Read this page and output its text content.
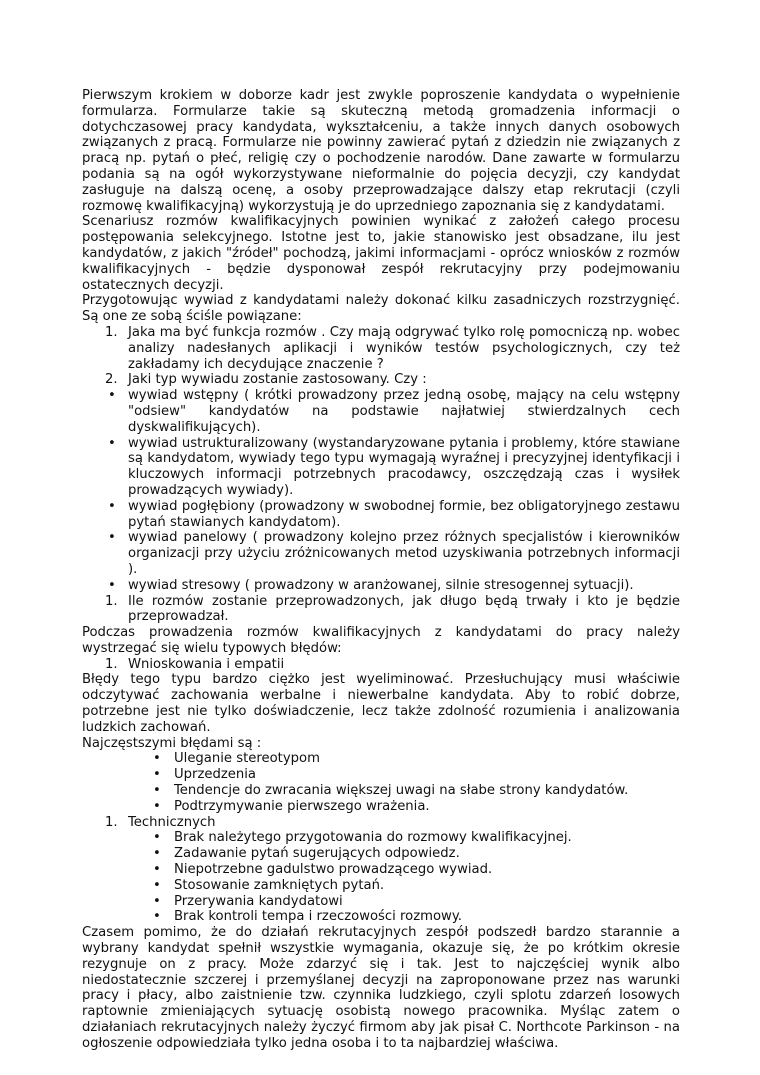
Pierwszym krokiem w doborze kadr jest zwykle poproszenie kandydata o wypełnienie formularza. Formularze takie są skuteczną metodą gromadzenia informacji o dotychczasowej pracy kandydata, wykształceniu, a także innych danych osobowych związanych z pracą. Formularze nie powinny zawierać pytań z dziedzin nie związanych z pracą np. pytań o płeć, religię czy o pochodzenie narodów. Dane zawarte w formularzu podania są na ogół wykorzystywane nieformalnie do pojęcia decyzji, czy kandydat zasługuje na dalszą ocenę, a osoby przeprowadzające dalszy etap rekrutacji (czyli rozmowę kwalifikacyjną) wykorzystują je do uprzedniego zapoznania się z kandydatami.
Scenariusz rozmów kwalifikacyjnych powinien wynikać z założeń całego procesu postępowania selekcyjnego. Istotne jest to, jakie stanowisko jest obsadzane, ilu jest kandydatów, z jakich "źródeł" pochodzą, jakimi informacjami - oprócz wniosków z rozmów kwalifikacyjnych - będzie dysponował zespół rekrutacyjny przy podejmowaniu ostatecznych decyzji.
Przygotowując wywiad z kandydatami należy dokonać kilku zasadniczych rozstrzygnięć. Są one ze sobą ściśle powiązane:
1. Jaka ma być funkcja rozmów . Czy mają odgrywać tylko rolę pomocniczą np. wobec analizy nadesłanych aplikacji i wyników testów psychologicznych, czy też zakładamy ich decydujące znaczenie ?
2. Jaki typ wywiadu zostanie zastosowany. Czy :
• wywiad wstępny ( krótki prowadzony przez jedną osobę, mający na celu wstępny "odsiew" kandydatów na podstawie najłatwiej stwierdzalnych cech dyskwalifikujących).
• wywiad ustrukturalizowany (wystandaryzowane pytania i problemy, które stawiane są kandydatom, wywiady tego typu wymagają wyraźnej i precyzyjnej identyfikacji i kluczowych informacji potrzebnych pracodawcy, oszczędzają czas i wysiłek prowadzących wywiady).
• wywiad pogłębiony (prowadzony w swobodnej formie, bez obligatoryjnego zestawu pytań stawianych kandydatom).
• wywiad panelowy ( prowadzony kolejno przez różnych specjalistów i kierowników organizacji przy użyciu zróżnicowanych metod uzyskiwania potrzebnych informacji ).
• wywiad stresowy ( prowadzony w aranżowanej, silnie stresogennej sytuacji).
1. Ile rozmów zostanie przeprowadzonych, jak długo będą trwały i kto je będzie przeprowadzał.
Podczas prowadzenia rozmów kwalifikacyjnych z kandydatami do pracy należy wystrzegać się wielu typowych błędów:
1. Wnioskowania i empatii
Błędy tego typu bardzo ciężko jest wyeliminować. Przesłuchujący musi właściwie odczytywać zachowania werbalne i niewerbalne kandydata. Aby to robić dobrze, potrzebne jest nie tylko doświadczenie, lecz także zdolność rozumienia i analizowania ludzkich zachowań.
Najczęstszymi błędami są :
• Uleganie stereotypom
• Uprzedzenia
• Tendencje do zwracania większej uwagi na słabe strony kandydatów.
• Podtrzymywanie pierwszego wrażenia.
1. Technicznych
• Brak należytego przygotowania do rozmowy kwalifikacyjnej.
• Zadawanie pytań sugerujących odpowiedz.
• Niepotrzebne gadulstwo prowadzącego wywiad.
• Stosowanie zamkniętych pytań.
• Przerywania kandydatowi
• Brak kontroli tempa i rzeczowości rozmowy.
Czasem pomimo, że do działań rekrutacyjnych zespół podszedł bardzo starannie a wybrany kandydat spełnił wszystkie wymagania, okazuje się, że po krótkim okresie rezygnuje on z pracy. Może zdarzyć się i tak. Jest to najczęściej wynik albo niedostatecznie szczerej i przemyślanej decyzji na zaproponowane przez nas warunki pracy i płacy, albo zaistnienie tzw. czynnika ludzkiego, czyli splotu zdarzeń losowych raptownie zmieniających sytuację osobistą nowego pracownika. Myśląc zatem o działaniach rekrutacyjnych należy życzyć firmom aby jak pisał C. Northcote Parkinson - na ogłoszenie odpowiedziała tylko jedna osoba i to ta najbardziej właściwa.
